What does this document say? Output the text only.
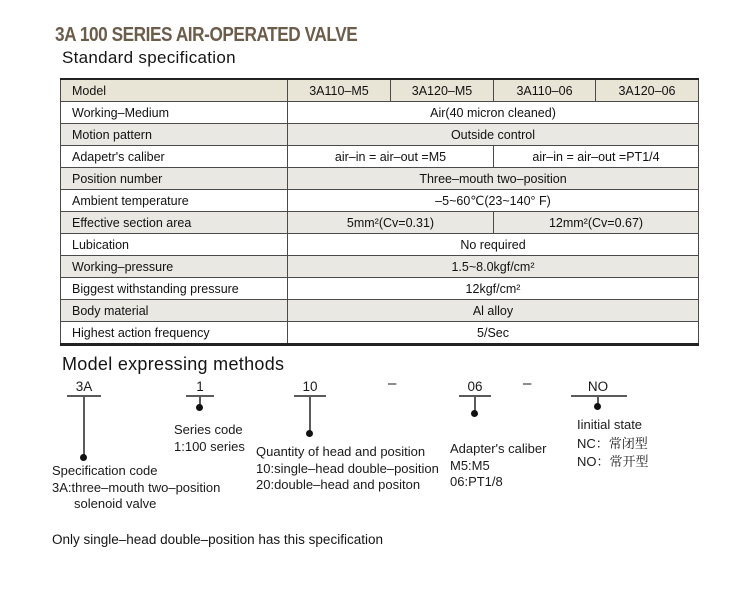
3A 100 SERIES AIR-OPERATED VALVE
Standard specification
Model	3A110–M5	3A120–M5	3A110–06	3A120–06
Working–Medium	Air(40 micron cleaned)			
Motion pattern	Outside control			
Adapetr's caliber	air–in = air–out =M5		air–in = air–out =PT1/4	
Position number	Three–mouth two–position			
Ambient temperature	–5~60℃(23~140° F)			
Effective section area	5mm²(Cv=0.31)		12mm²(Cv=0.67)	
Lubication	No required			
Working–pressure	1.5~8.0kgf/cm²			
Biggest withstanding pressure	12kgf/cm²			
Body material	Al alloy			
Highest action frequency	5/Sec			
Model expressing methods
3A
Specification code
3A:three–mouth two–position
solenoid valve
1
Series code
1:100 series
10
Quantity of head and position
10:single–head double–position
20:double–head and positon
–	06
Adapter's caliber
M5:M5
06:PT1/8
–	NO
Iinitial state
NC：常闭型
NO：常开型
Only single–head double–position has this specification
